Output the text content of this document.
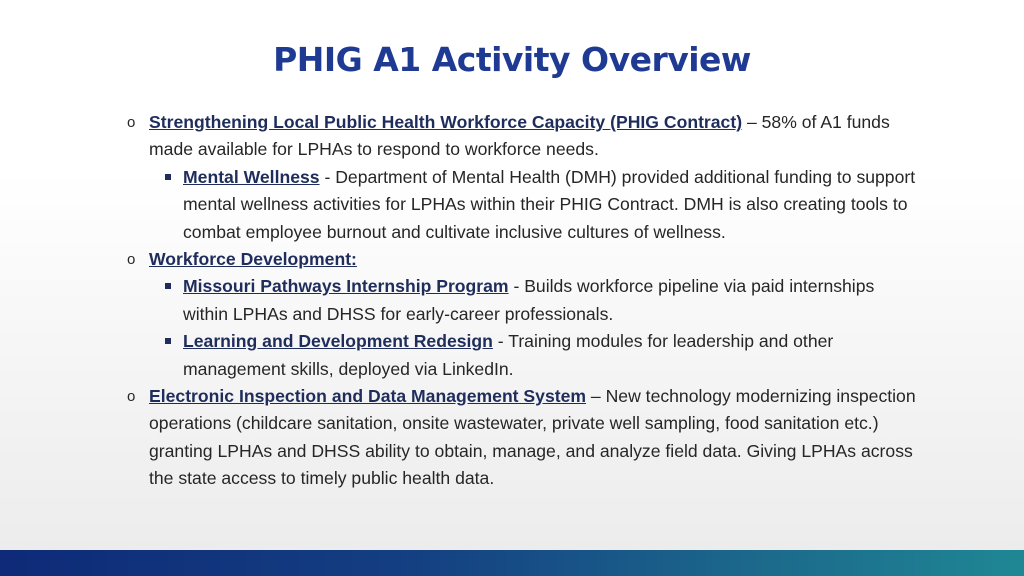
PHIG A1 Activity Overview
o Strengthening Local Public Health Workforce Capacity (PHIG Contract) – 58% of A1 funds made available for LPHAs to respond to workforce needs.
Mental Wellness - Department of Mental Health (DMH) provided additional funding to support mental wellness activities for LPHAs within their PHIG Contract. DMH is also creating tools to combat employee burnout and cultivate inclusive cultures of wellness.
o Workforce Development:
Missouri Pathways Internship Program - Builds workforce pipeline via paid internships within LPHAs and DHSS for early-career professionals.
Learning and Development Redesign - Training modules for leadership and other management skills, deployed via LinkedIn.
o Electronic Inspection and Data Management System – New technology modernizing inspection operations (childcare sanitation, onsite wastewater, private well sampling, food sanitation etc.) granting LPHAs and DHSS ability to obtain, manage, and analyze field data. Giving LPHAs across the state access to timely public health data.
